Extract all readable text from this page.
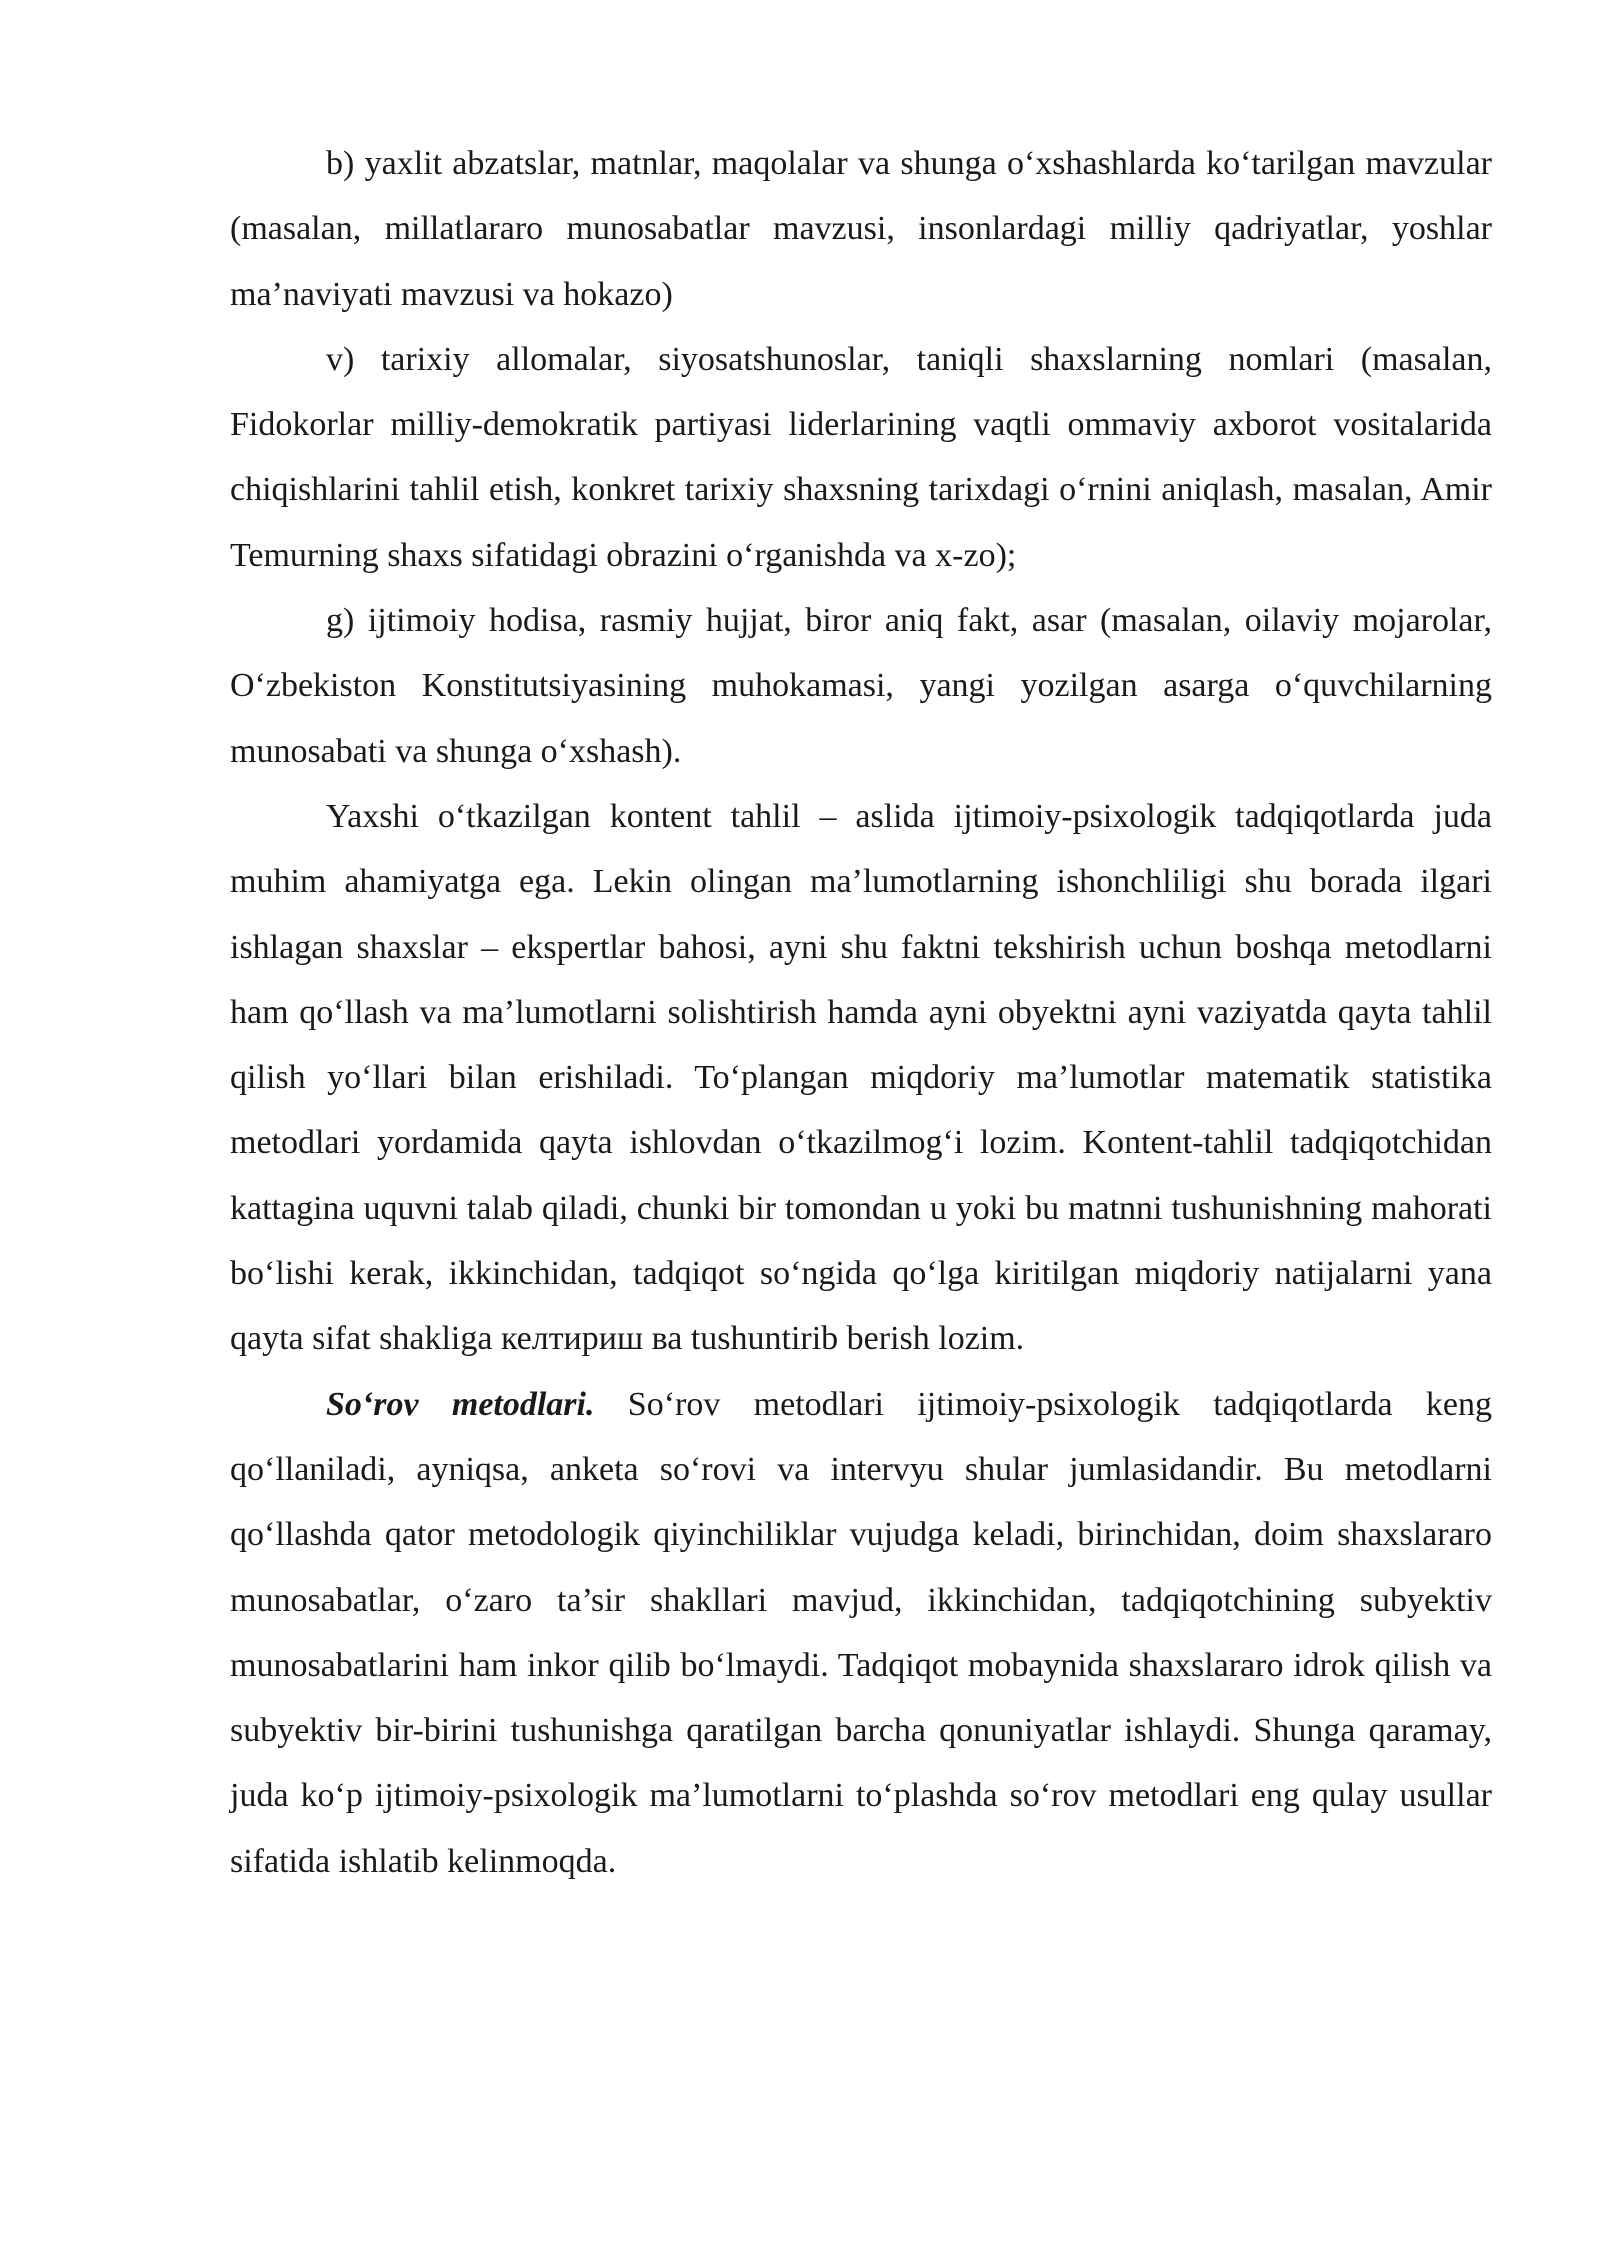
b) yaxlit abzatslar, matnlar, maqolalar va shunga o‘xshashlarda ko‘tarilgan mavzular (masalan, millatlararo munosabatlar mavzusi, insonlardagi milliy qadriyatlar, yoshlar ma’naviyati mavzusi va hokazo)

v) tarixiy allomalar, siyosatshunoslar, taniqli shaxslarning nomlari (masalan, Fidokorlar milliy-demokratik partiyasi liderlarining vaqtli ommaviy axborot vositalarida chiqishlarini tahlil etish, konkret tarixiy shaxsning tarixdagi o‘rnini aniqlash, masalan, Amir Temurning shaxs sifatidagi obrazini o‘rganishda va x-zo);

g) ijtimoiy hodisa, rasmiy hujjat, biror aniq fakt, asar (masalan, oilaviy mojarolar, O‘zbekiston Konstitutsiyasining muhokamasi, yangi yozilgan asarga o‘quvchilarning munosabati va shunga o‘xshash).

Yaxshi o‘tkazilgan kontent tahlil – aslida ijtimoiy-psixologik tadqiqotlarda juda muhim ahamiyatga ega. Lekin olingan ma’lumotlarning ishonchliligi shu borada ilgari ishlagan shaxslar – ekspertlar bahosi, ayni shu faktni tekshirish uchun boshqa metodlarni ham qo‘llash va ma’lumotlarni solishtirish hamda ayni obyektni ayni vaziyatda qayta tahlil qilish yo‘llari bilan erishiladi. To‘plangan miqdoriy ma’lumotlar matematik statistika metodlari yordamida qayta ishlovdan o‘tkazilmog‘i lozim. Kontent-tahlil tadqiqotchidan kattagina uquvni talab qiladi, chunki bir tomondan u yoki bu matnni tushunishning mahorati bo‘lishi kerak, ikkinchidan, tadqiqot so‘ngida qo‘lga kiritilgan miqdoriy natijalarni yana qayta sifat shakliga келтириш ва tushuntirib berish lozim.

So‘rov metodlari. So‘rov metodlari ijtimoiy-psixologik tadqiqotlarda keng qo‘llaniladi, ayniqsa, anketa so‘rovi va intervyu shular jumlasidandir. Bu metodlarni qo‘llashda qator metodologik qiyinchiliklar vujudga keladi, birinchidan, doim shaxslararo munosabatlar, o‘zaro ta’sir shakllari mavjud, ikkinchidan, tadqiqotchining subyektiv munosabatlarini ham inkor qilib bo‘lmaydi. Tadqiqot mobaynida shaxslararo idrok qilish va subyektiv bir-birini tushunishga qaratilgan barcha qonuniyatlar ishlaydi. Shunga qaramay, juda ko‘p ijtimoiy-psixologik ma’lumotlarni to‘plashda so‘rov metodlari eng qulay usullar sifatida ishlatib kelinmoqda.
